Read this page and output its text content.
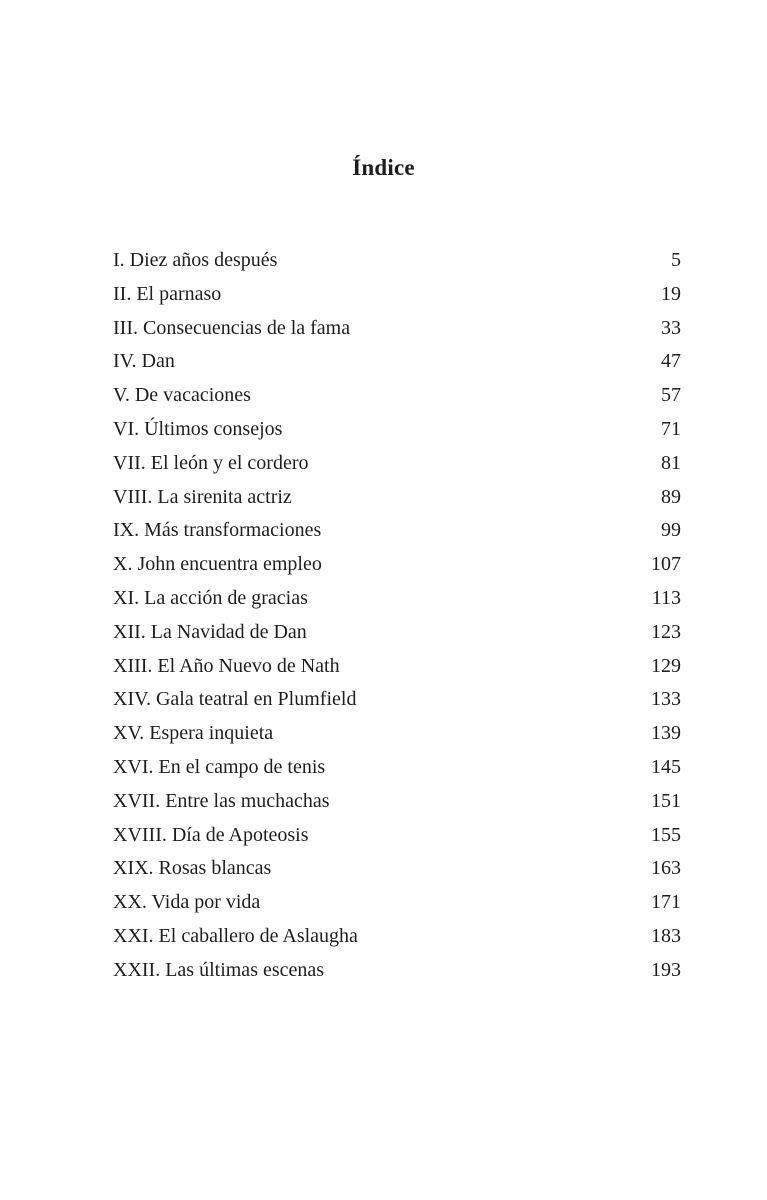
Índice
I. Diez años después	5
II. El parnaso	19
III. Consecuencias de la fama	33
IV. Dan	47
V. De vacaciones	57
VI. Últimos consejos	71
VII. El león y el cordero	81
VIII. La sirenita actriz	89
IX. Más transformaciones	99
X. John encuentra empleo	107
XI. La acción de gracias	113
XII. La Navidad de Dan	123
XIII. El Año Nuevo de Nath	129
XIV. Gala teatral en Plumfield	133
XV. Espera inquieta	139
XVI. En el campo de tenis	145
XVII. Entre las muchachas	151
XVIII. Día de Apoteosis	155
XIX. Rosas blancas	163
XX. Vida por vida	171
XXI. El caballero de Aslaugha	183
XXII. Las últimas escenas	193
